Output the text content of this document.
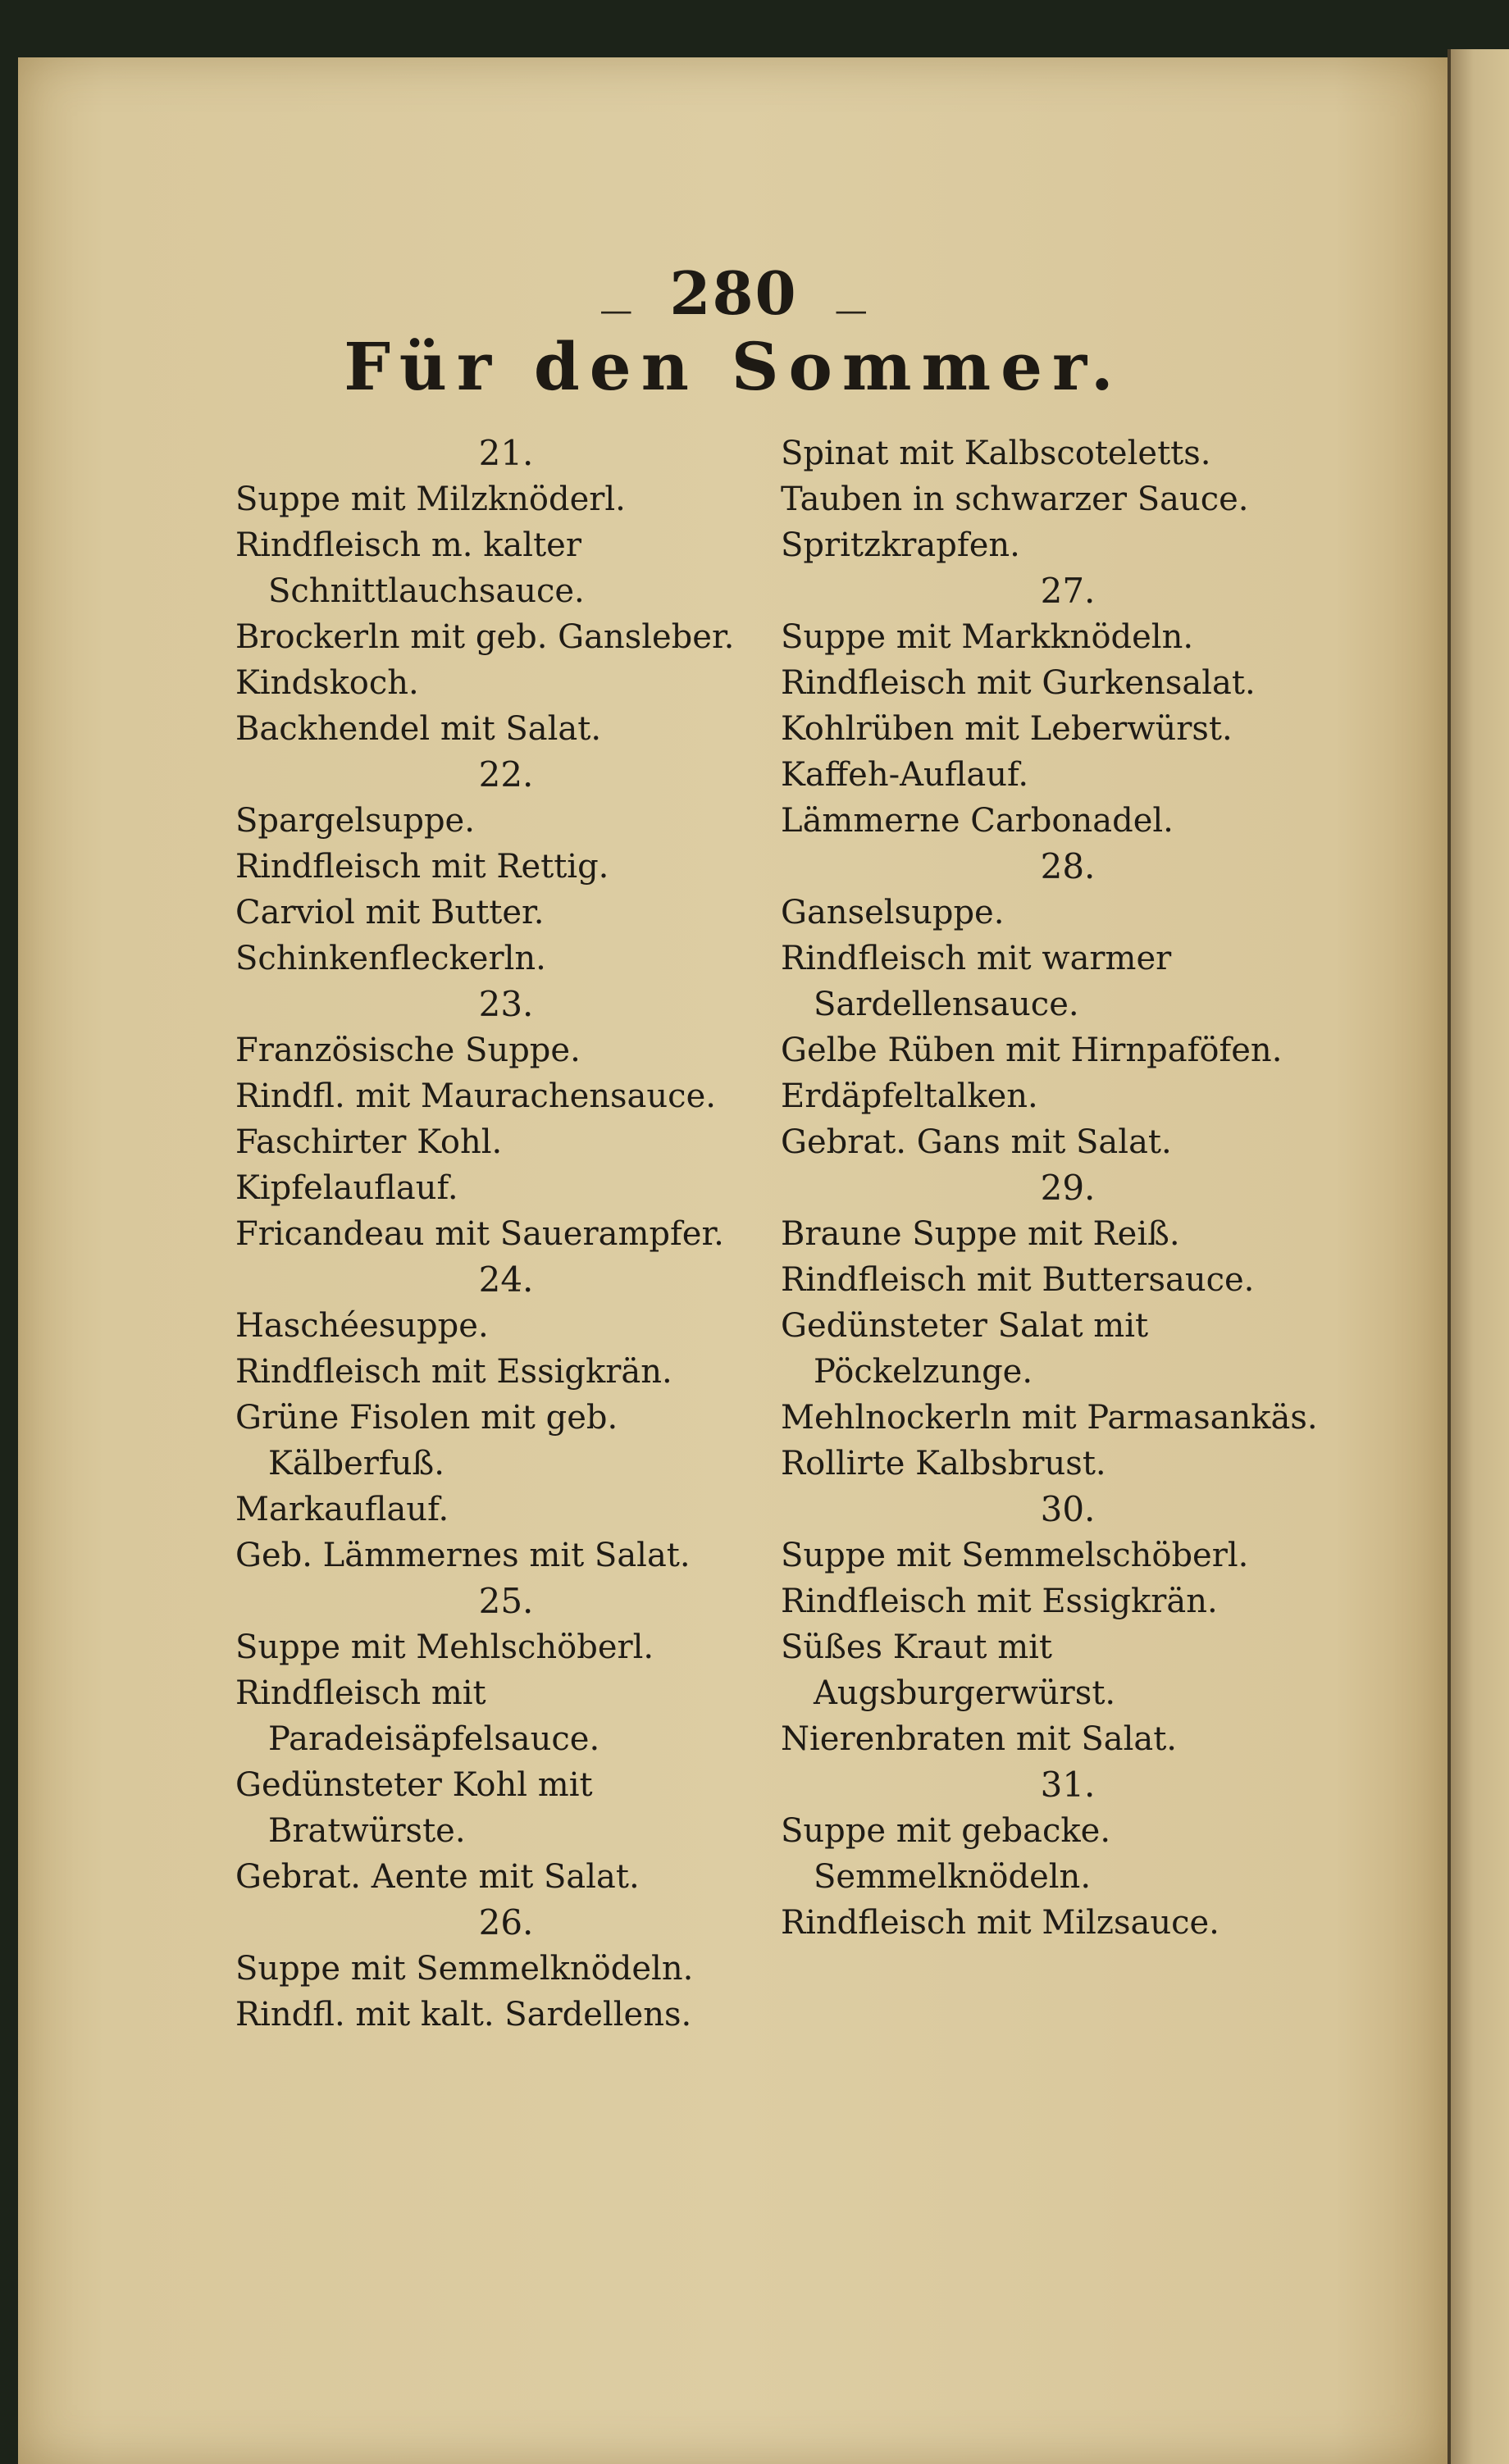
— 280 —
Für den Sommer.
21.
Suppe mit Milzknöderl.
Rindfleisch m. kalter Schnittlauchsauce.
Brockerln mit geb. Gansleber.
Kindskoch.
Backhendel mit Salat.
22.
Spargelsuppe.
Rindfleisch mit Rettig.
Carviol mit Butter.
Schinkenfleckerln.
23.
Französische Suppe.
Rindfl. mit Maurachensauce.
Faschirter Kohl.
Kipfelauflauf.
Fricandeau mit Sauerampfer.
24.
Haschéesuppe.
Rindfleisch mit Essigkrän.
Grüne Fisolen mit geb. Kälberfuß.
Markauflauf.
Geb. Lämmernes mit Salat.
25.
Suppe mit Mehlschöberl.
Rindfleisch mit Paradeisäpfelsauce.
Gedünsteter Kohl mit Bratwürste.
Gebrat. Aente mit Salat.
26.
Suppe mit Semmelknödeln.
Rindfl. mit kalt. Sardellens.
Spinat mit Kalbscoteletts.
Tauben in schwarzer Sauce.
Spritzkrapfen.
27.
Suppe mit Markknödeln.
Rindfleisch mit Gurkensalat.
Kohlrüben mit Leberwürst.
Kaffeh-Auflauf.
Lämmerne Carbonadel.
28.
Ganselsuppe.
Rindfleisch mit warmer Sardellensauce.
Gelbe Rüben mit Hirnpaföfen.
Erdäpfeltalken.
Gebrat. Gans mit Salat.
29.
Braune Suppe mit Reiß.
Rindfleisch mit Buttersauce.
Gedünsteter Salat mit Pöckelzunge.
Mehlnockerln mit Parmasankäs.
Rollirte Kalbsbrust.
30.
Suppe mit Semmelschöberl.
Rindfleisch mit Essigkrän.
Süßes Kraut mit Augsburgerwürst.
Nierenbraten mit Salat.
31.
Suppe mit gebacke. Semmelknödeln.
Rindfleisch mit Milzsauce.
